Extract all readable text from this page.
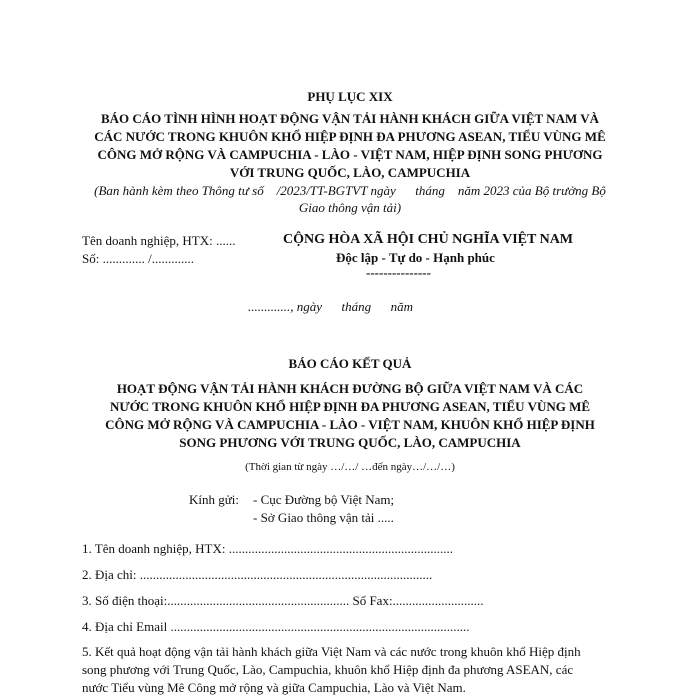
PHỤ LỤC XIX
BÁO CÁO TÌNH HÌNH HOẠT ĐỘNG VẬN TẢI HÀNH KHÁCH GIỮA VIỆT NAM VÀ
CÁC NƯỚC TRONG KHUÔN KHỔ HIỆP ĐỊNH ĐA PHƯƠNG ASEAN, TIỂU VÙNG MÊ
CÔNG MỞ RỘNG VÀ CAMPUCHIA - LÀO - VIỆT NAM, HIỆP ĐỊNH SONG PHƯƠNG
VỚI TRUNG QUỐC, LÀO, CAMPUCHIA
(Ban hành kèm theo Thông tư số    /2023/TT-BGTVT ngày      tháng    năm 2023 của Bộ trưởng Bộ
Giao thông vận tải)
Tên doanh nghiệp, HTX: ......
Số: ............. /.............
CỘNG HÒA XÃ HỘI CHỦ NGHĨA VIỆT NAM
Độc lập - Tự do - Hạnh phúc
---------------
............., ngày      tháng      năm
BÁO CÁO KẾT QUẢ
HOẠT ĐỘNG VẬN TẢI HÀNH KHÁCH ĐƯỜNG BỘ GIỮA VIỆT NAM VÀ CÁC
NƯỚC TRONG KHUÔN KHỔ HIỆP ĐỊNH ĐA PHƯƠNG ASEAN, TIỂU VÙNG MÊ
CÔNG MỞ RỘNG VÀ CAMPUCHIA - LÀO - VIỆT NAM, KHUÔN KHỔ HIỆP ĐỊNH
SONG PHƯƠNG VỚI TRUNG QUỐC, LÀO, CAMPUCHIA
(Thời gian từ ngày …/…/ …đến ngày…/…/…)
Kính gửi: - Cục Đường bộ Việt Nam;
- Sở Giao thông vận tải .....
1. Tên doanh nghiệp, HTX: .....................................................................
2. Địa chỉ: ..........................................................................................
3. Số điện thoại:........................................................ Số Fax:............................
4. Địa chỉ Email ............................................................................................
5. Kết quả hoạt động vận tải hành khách giữa Việt Nam và các nước trong khuôn khổ Hiệp định
song phương với Trung Quốc, Lào, Campuchia, khuôn khổ Hiệp định đa phương ASEAN, các
nước Tiểu vùng Mê Công mở rộng và giữa Campuchia, Lào và Việt Nam.
